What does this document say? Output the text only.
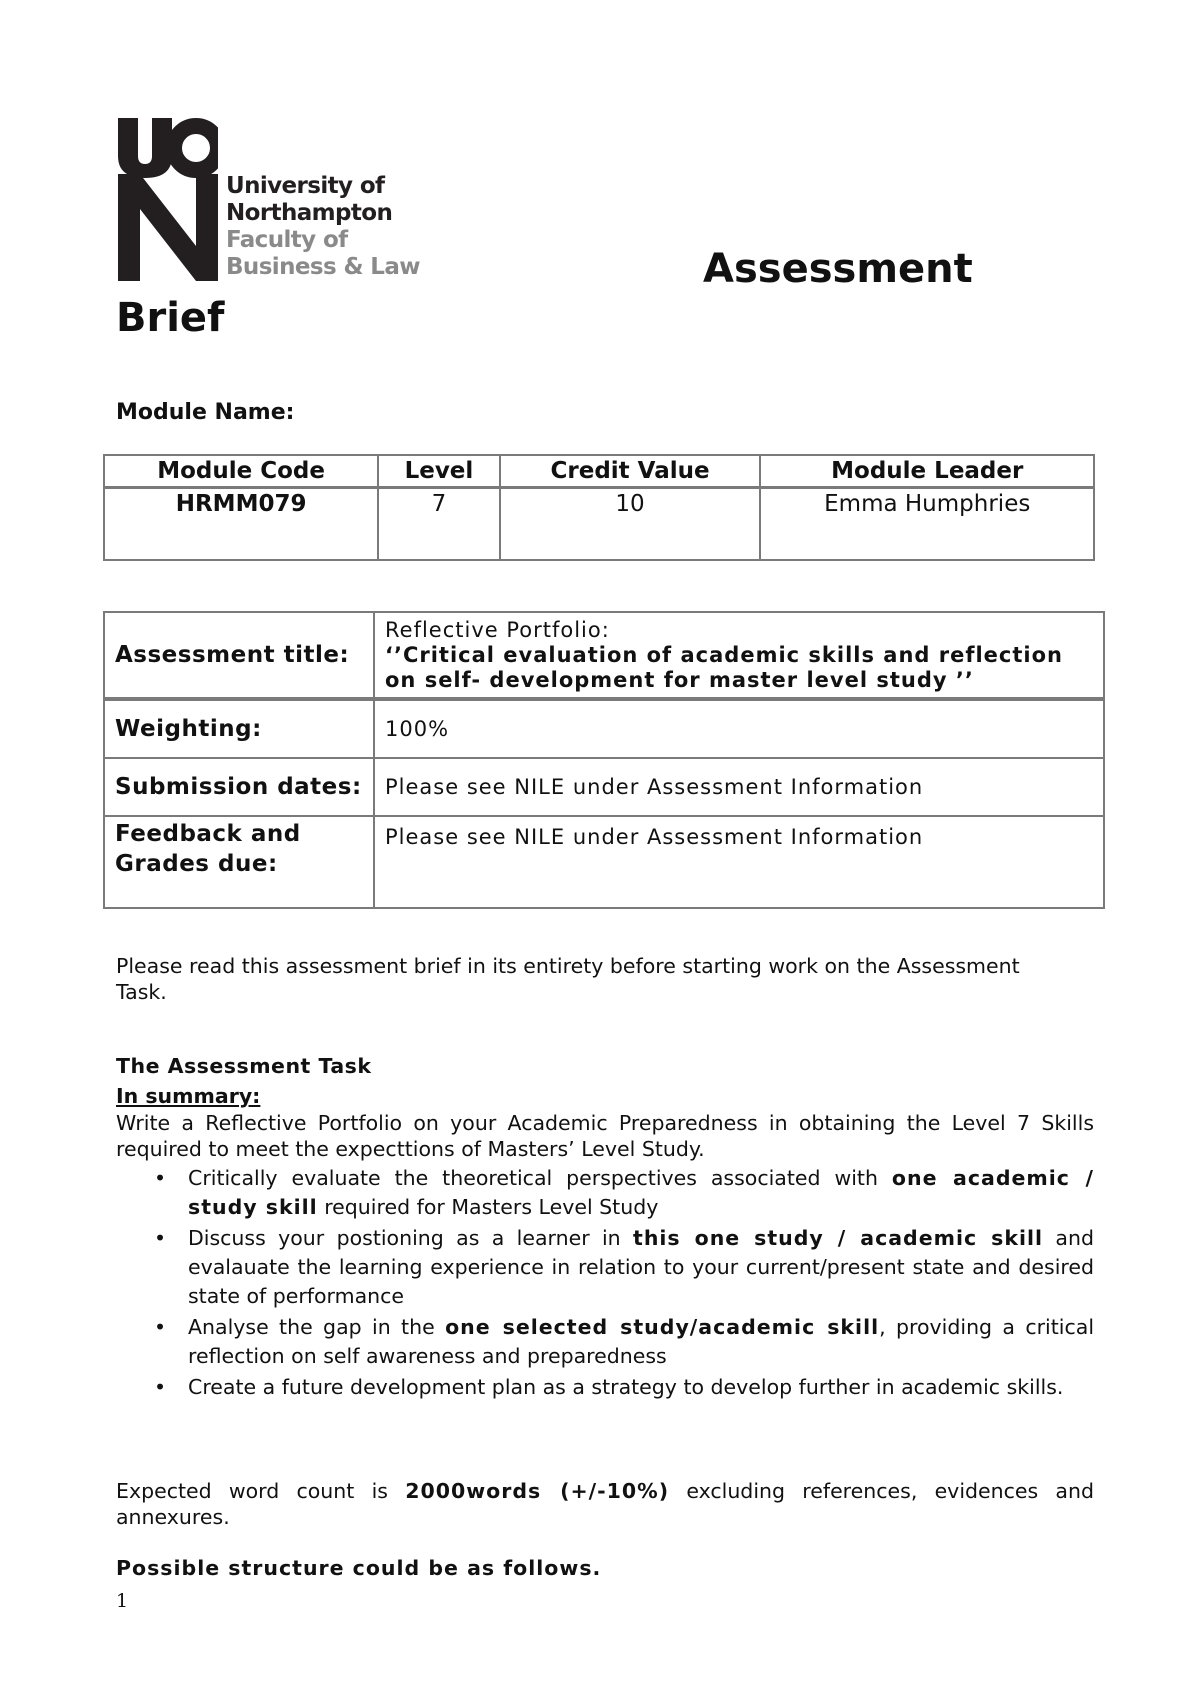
University of
Northampton
Faculty of
Business & Law	Assessment
Brief
Module Name:
Module Code	Level	Credit Value	Module Leader
HRMM079	7	10	Emma Humphries
Assessment title:	Reflective Portfolio:
‘’Critical evaluation of academic skills and reflection on self- development for master level study ’’

Weighting:	100%
Submission dates:	Please see NILE under Assessment Information
Feedback and Grades due:	Please see NILE under Assessment Information
Please read this assessment brief in its entirety before starting work on the Assessment Task.
The Assessment Task
In summary:
Write a Reflective Portfolio on your Academic Preparedness in obtaining the Level 7 Skills required to meet the expecttions of Masters’ Level Study.
• Critically evaluate the theoretical perspectives associated with one academic / study skill required for Masters Level Study
• Discuss your postioning as a learner in this one study / academic skill and evalauate the learning experience in relation to your current/present state and desired state of performance
• Analyse the gap in the one selected study/academic skill, providing a critical reflection on self awareness and preparedness
• Create a future development plan as a strategy to develop further in academic skills.
Expected word count is 2000words (+/-10%) excluding references, evidences and annexures.
Possible structure could be as follows.
1
